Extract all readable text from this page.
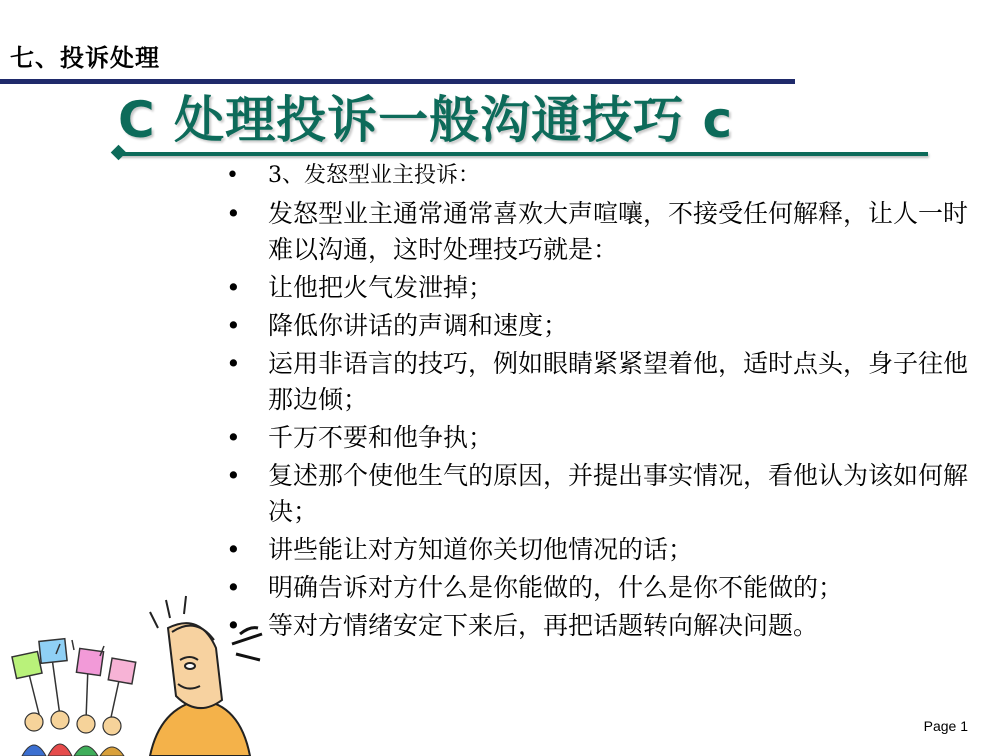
七、投诉处理
C 处理投诉一般沟通技巧 c
•	3、发怒型业主投诉：
• 发怒型业主通常通常喜欢大声喧嚷，不接受任何解释，让人一时难以沟通，这时处理技巧就是：
• 让他把火气发泄掉；
• 降低你讲话的声调和速度；
• 运用非语言的技巧，例如眼睛紧紧望着他，适时点头，身子往他那边倾；
• 千万不要和他争执；
• 复述那个使他生气的原因，并提出事实情况，看他认为该如何解决；
• 讲些能让对方知道你关切他情况的话；
• 明确告诉对方什么是你能做的，什么是你不能做的；
• 等对方情绪安定下来后，再把话题转向解决问题。
Page 1
